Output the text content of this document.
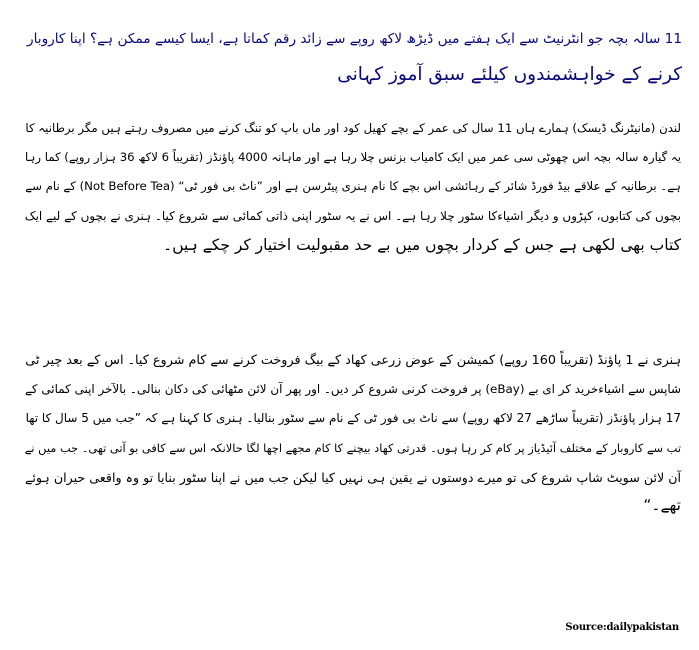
11 سالہ بچہ جو انٹرنیٹ سے ایک ہفتے میں ڈیڑھ لاکھ روپے سے زائد رقم کماتا ہے، ایسا کیسے ممکن ہے؟ اپنا کاروبار
کرنے کے خواہشمندوں کیلئے سبق آموز کہانی
لندن (مانیٹرنگ ڈیسک) ہمارے ہاں 11 سال کی عمر کے بچے کھیل کود اور ماں باپ کو تنگ کرنے میں مصروف رہتے ہیں مگر برطانیہ کا
یہ گیارہ سالہ بچہ اس چھوٹی سی عمر میں ایک کامیاب بزنس چلا رہا ہے اور ماہانہ 4000 پاﺅنڈز (تقریباً 6 لاکھ 36 ہزار روپے) کما رہا
ہے۔ برطانیہ کے علاقے بیڈ فورڈ شائر کے رہائشی اس بچے کا نام ہنری پیٹرسن ہے اور ”ناٹ بی فور ٹی“ (Not Before Tea) کے نام سے
بچوں کی کتابوں، کپڑوں و دیگر اشیاءکا سٹور چلا رہا ہے۔ اس نے یہ سٹور اپنی ذاتی کمائی سے شروع کیا۔ ہنری نے بچوں کے لیے ایک
کتاب بھی لکھی ہے جس کے کردار بچوں میں بے حد مقبولیت اختیار کر چکے ہیں۔
ہنری نے 1 پاﺅنڈ (تقریباً 160 روپے) کمیشن کے عوض زرعی کھاد کے بیگ فروخت کرنے سے کام شروع کیا۔ اس کے بعد چیر ٹی
شاپس سے اشیاءخرید کر ای بے (eBay) پر فروخت کرنی شروع کر دیں۔ اور پھر آن لائن مٹھائی کی دکان بنالی۔ بالآخر اپنی کمائی کے
17 ہزار پاﺅنڈز (تقریباً ساڑھے 27 لاکھ روپے) سے ناٹ بی فور ٹی کے نام سے سٹور بنالیا۔ ہنری کا کہنا ہے کہ ”جب میں 5 سال کا تھا
تب سے کاروبار کے مختلف آئیڈیاز پر کام کر رہا ہوں۔ قدرتی کھاد بیچنے کا کام مجھے اچھا لگا حالانکہ اس سے کافی بو آتی تھی۔ جب میں نے
آن لائن سویٹ شاپ شروع کی تو میرے دوستوں نے یقین ہی نہیں کیا لیکن جب میں نے اپنا سٹور بنایا تو وہ واقعی حیران ہوئے
تھے۔“
Source:dailypakistan
